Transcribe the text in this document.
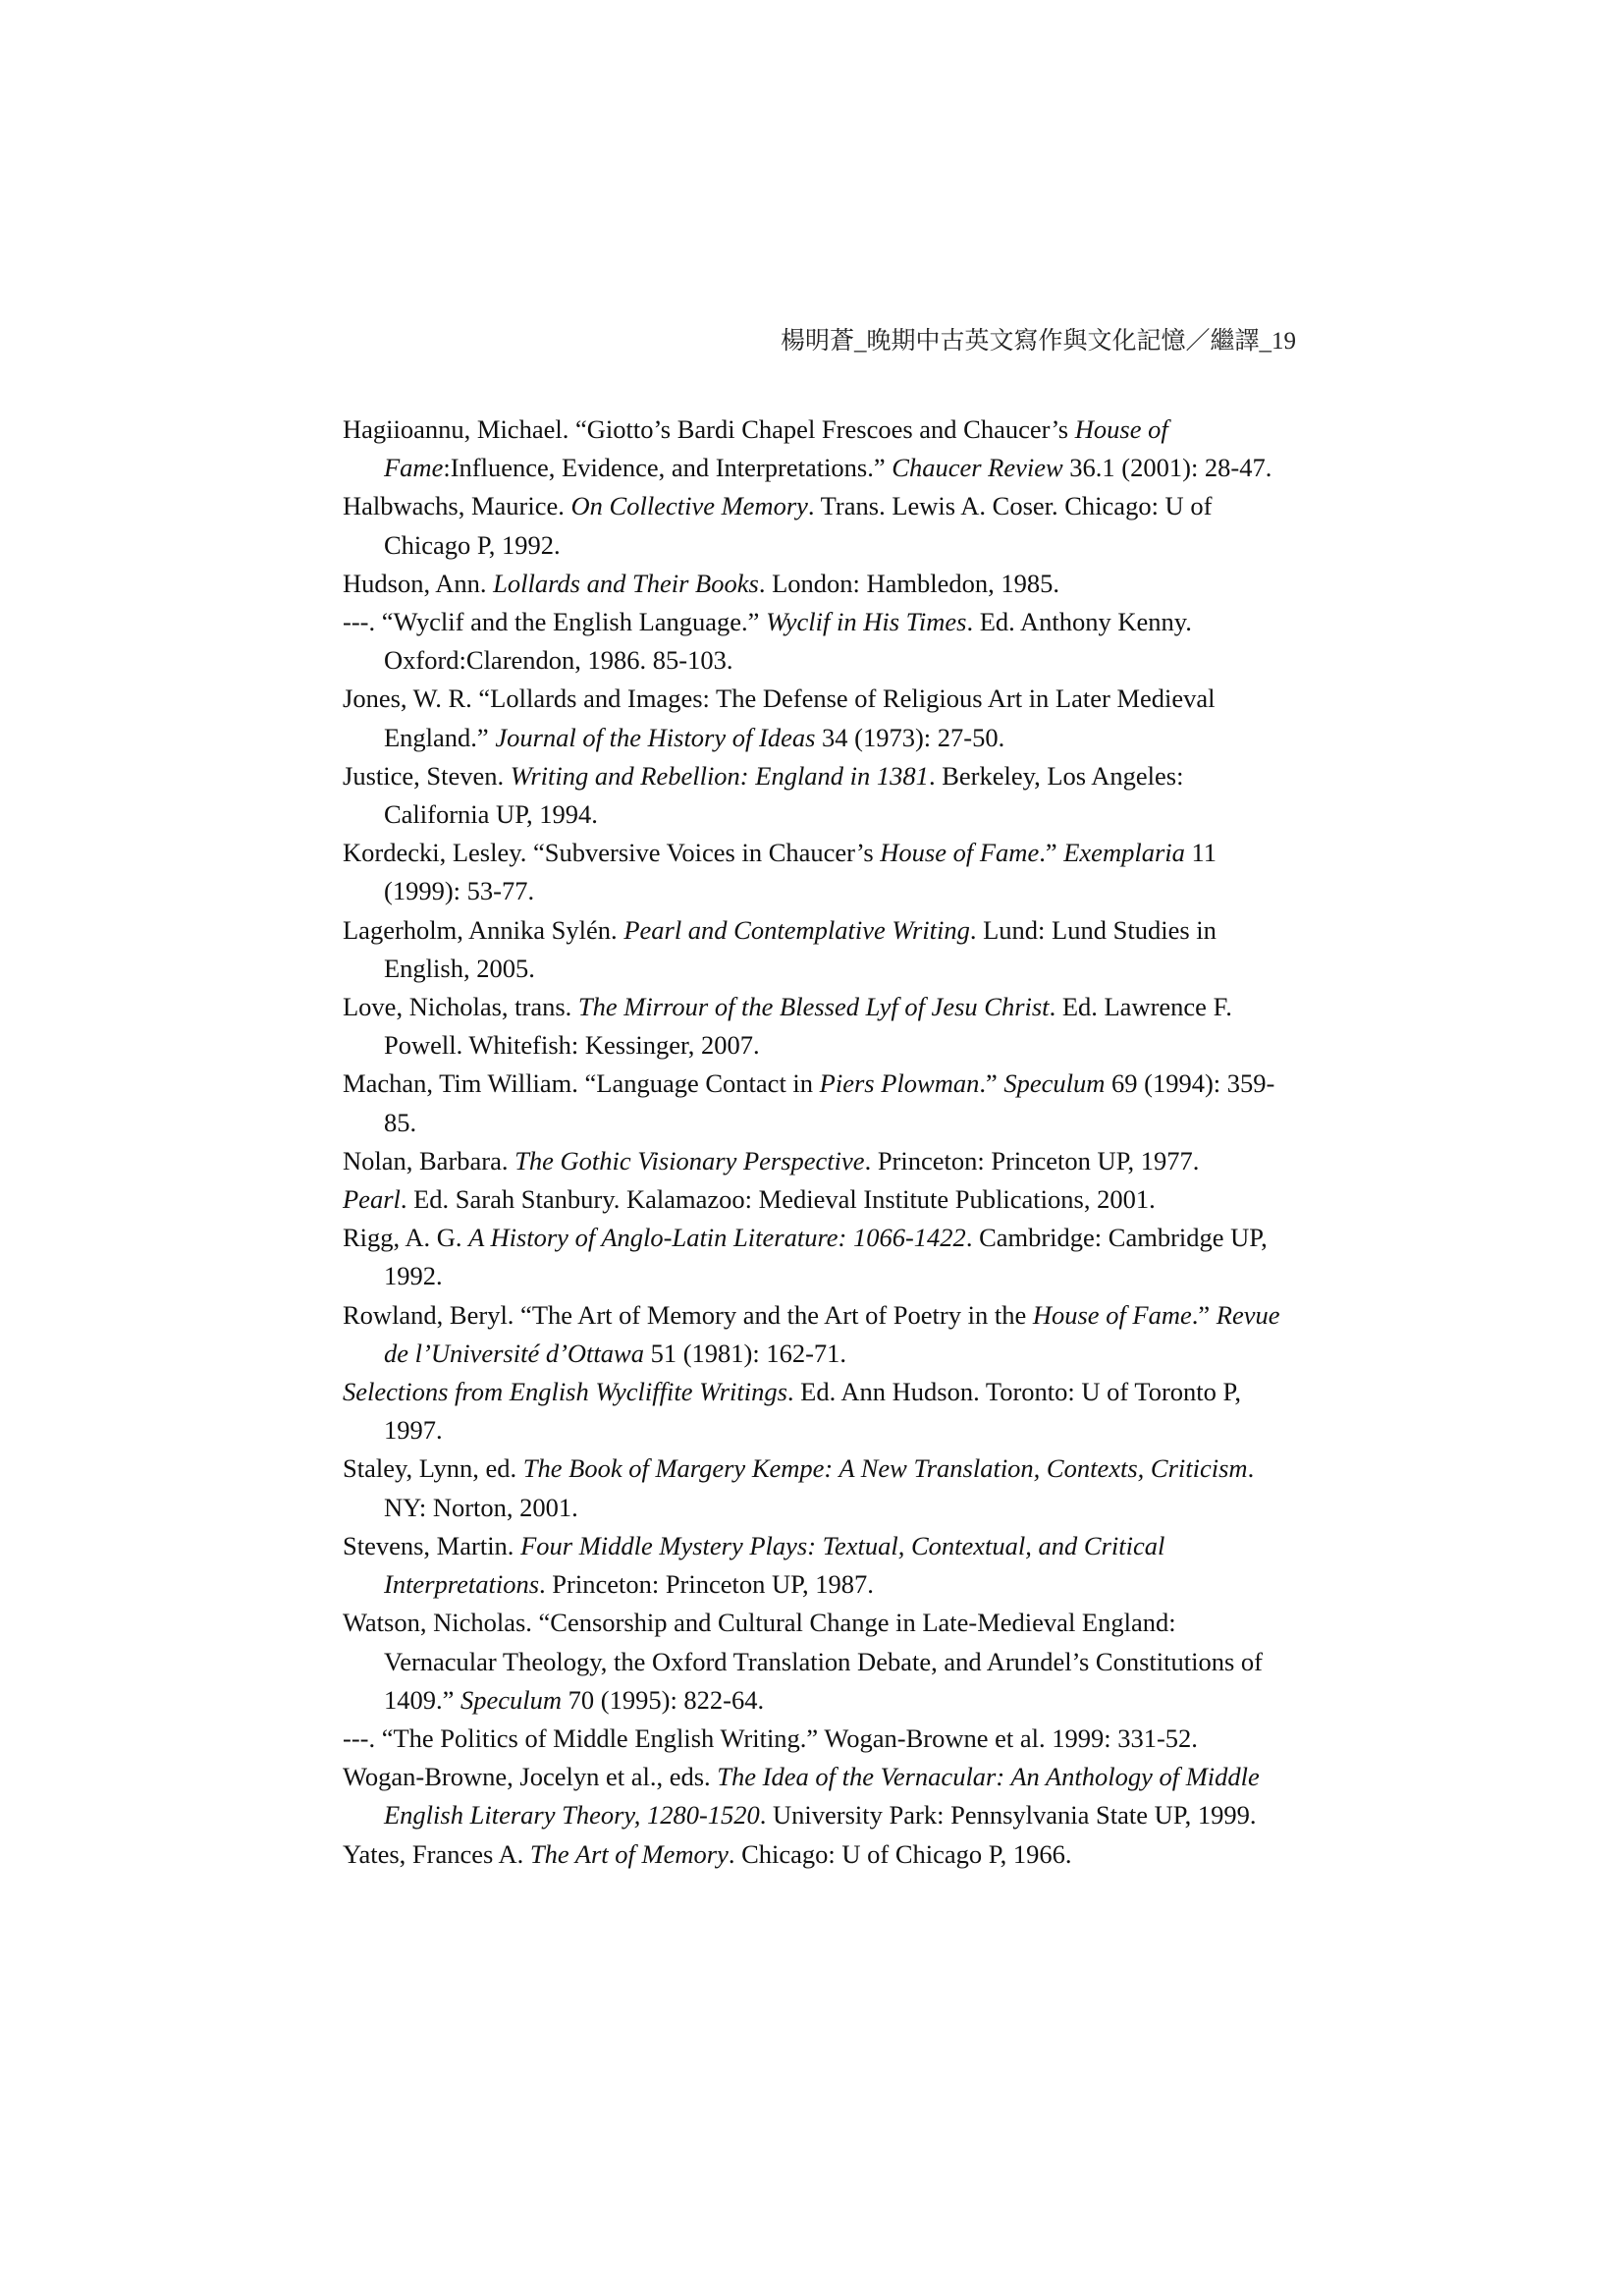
楊明蒼_晚期中古英文寫作與文化記憶／繼譯_19

Hagiioannu, Michael. “Giotto’s Bardi Chapel Frescoes and Chaucer’s House of Fame:Influence, Evidence, and Interpretations.” Chaucer Review 36.1 (2001): 28-47.

Halbwachs, Maurice. On Collective Memory. Trans. Lewis A. Coser. Chicago: U of Chicago P, 1992.

Hudson, Ann. Lollards and Their Books. London: Hambledon, 1985.

---. “Wyclif and the English Language.” Wyclif in His Times. Ed. Anthony Kenny. Oxford:Clarendon, 1986. 85-103.

Jones, W. R. “Lollards and Images: The Defense of Religious Art in Later Medieval England.” Journal of the History of Ideas 34 (1973): 27-50.

Justice, Steven. Writing and Rebellion: England in 1381. Berkeley, Los Angeles: California UP, 1994.

Kordecki, Lesley. “Subversive Voices in Chaucer’s House of Fame.” Exemplaria 11 (1999): 53-77.

Lagerholm, Annika Sylén. Pearl and Contemplative Writing. Lund: Lund Studies in English, 2005.

Love, Nicholas, trans. The Mirrour of the Blessed Lyf of Jesu Christ. Ed. Lawrence F. Powell. Whitefish: Kessinger, 2007.

Machan, Tim William. “Language Contact in Piers Plowman.” Speculum 69 (1994): 359-85.

Nolan, Barbara. The Gothic Visionary Perspective. Princeton: Princeton UP, 1977.

Pearl. Ed. Sarah Stanbury. Kalamazoo: Medieval Institute Publications, 2001.

Rigg, A. G. A History of Anglo-Latin Literature: 1066-1422. Cambridge: Cambridge UP, 1992.

Rowland, Beryl. “The Art of Memory and the Art of Poetry in the House of Fame.” Revue de l’Université d’Ottawa 51 (1981): 162-71.

Selections from English Wycliffite Writings. Ed. Ann Hudson. Toronto: U of Toronto P, 1997.

Staley, Lynn, ed. The Book of Margery Kempe: A New Translation, Contexts, Criticism. NY: Norton, 2001.

Stevens, Martin. Four Middle Mystery Plays: Textual, Contextual, and Critical Interpretations. Princeton: Princeton UP, 1987.

Watson, Nicholas. “Censorship and Cultural Change in Late-Medieval England: Vernacular Theology, the Oxford Translation Debate, and Arundel’s Constitutions of 1409.” Speculum 70 (1995): 822-64.

---. “The Politics of Middle English Writing.” Wogan-Browne et al. 1999: 331-52.

Wogan-Browne, Jocelyn et al., eds. The Idea of the Vernacular: An Anthology of Middle English Literary Theory, 1280-1520. University Park: Pennsylvania State UP, 1999.

Yates, Frances A. The Art of Memory. Chicago: U of Chicago P, 1966.
